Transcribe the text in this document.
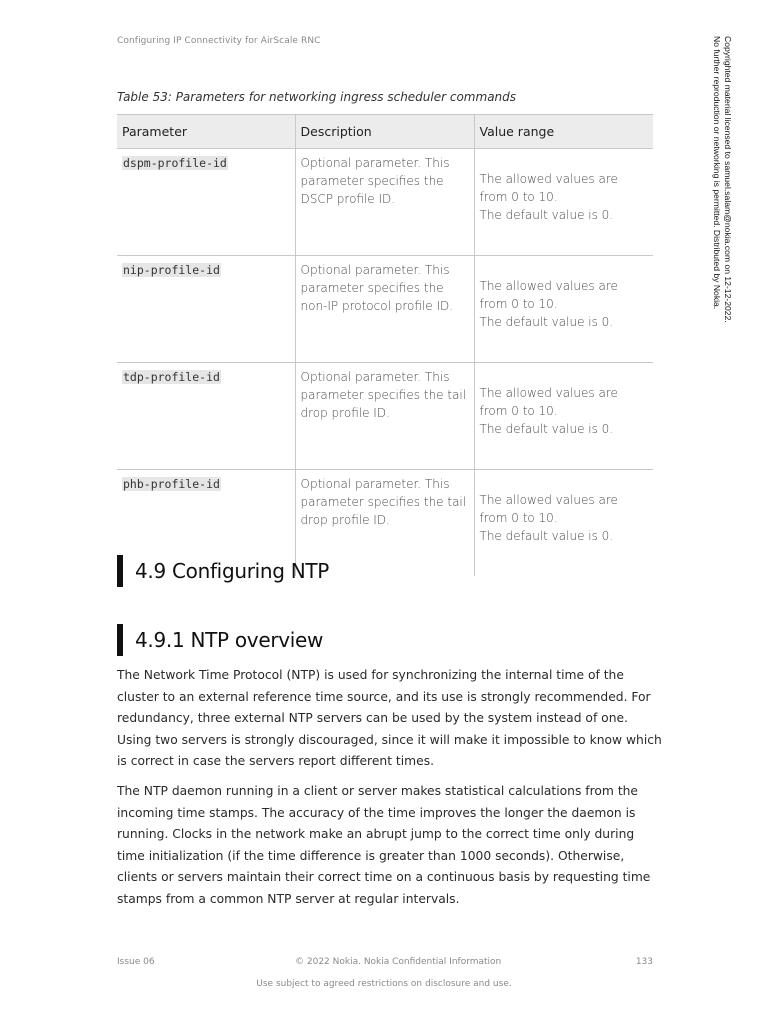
Configuring IP Connectivity for AirScale RNC	Copyrighted material licensed to samuel.salam@nokia.com on 12-12-2022.
No further reproduction or networking is permitted. Distributed by Nokia.
Table 53: Parameters for networking ingress scheduler commands
Parameter	Description	Value range
dspm-profile-id	Optional parameter. This parameter specifies the DSCP profile ID.	The allowed values are from 0 to 10.
The default value is 0.

nip-profile-id	Optional parameter. This parameter specifies the non-IP protocol profile ID.	The allowed values are from 0 to 10.
The default value is 0.

tdp-profile-id	Optional parameter. This parameter specifies the tail drop profile ID.	The allowed values are from 0 to 10.
The default value is 0.

phb-profile-id	Optional parameter. This parameter specifies the tail drop profile ID.	The allowed values are from 0 to 10.
The default value is 0.
4.9 Configuring NTP
4.9.1 NTP overview

The Network Time Protocol (NTP) is used for synchronizing the internal time of the cluster to an external reference time source, and its use is strongly recommended. For redundancy, three external NTP servers can be used by the system instead of one. Using two servers is strongly discouraged, since it will make it impossible to know which is correct in case the servers report different times.

The NTP daemon running in a client or server makes statistical calculations from the incoming time stamps. The accuracy of the time improves the longer the daemon is running. Clocks in the network make an abrupt jump to the correct time only during time initialization (if the time difference is greater than 1000 seconds). Otherwise, clients or servers maintain their correct time on a continuous basis by requesting time stamps from a common NTP server at regular intervals.

Issue 06	© 2022 Nokia. Nokia Confidential Information	133
Use subject to agreed restrictions on disclosure and use.
